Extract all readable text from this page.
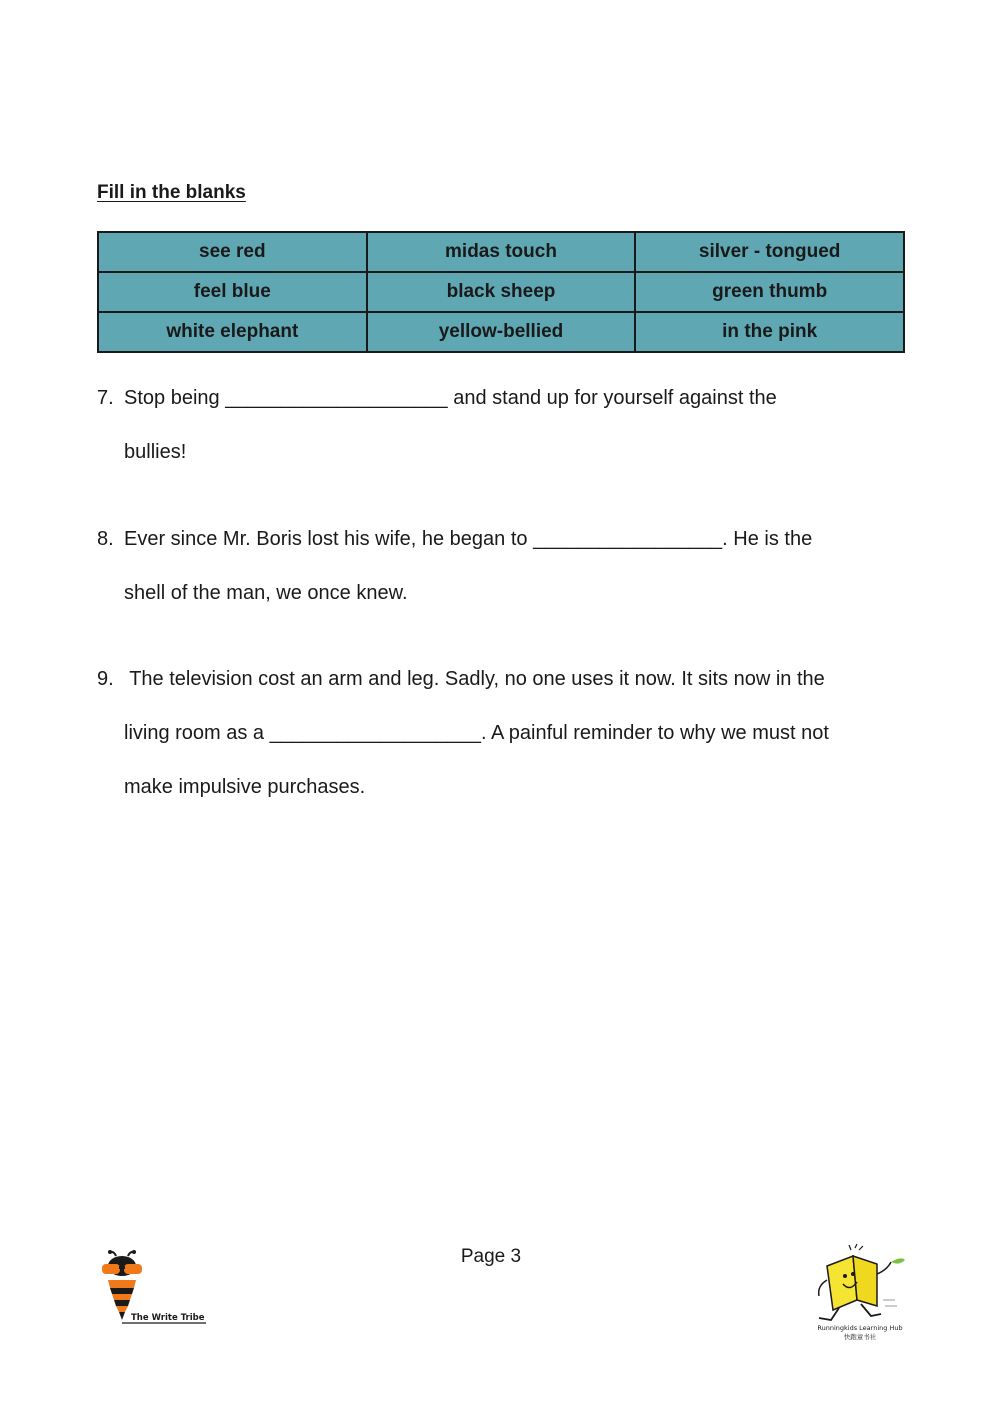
Fill in the blanks
see red	midas touch	silver - tongued
feel blue	black sheep	green thumb
white elephant	yellow-bellied	in the pink
7. Stop being ____________________ and stand up for yourself against the
bullies!
8. Ever since Mr. Boris lost his wife, he began to _________________. He is the
shell of the man, we once knew.
9. The television cost an arm and leg. Sadly, no one uses it now. It sits now in the
living room as a ___________________. A painful reminder to why we must not
make impulsive purchases.
Page 3
The Write Tribe
Runningkids Learning Hub
快跑童书社
